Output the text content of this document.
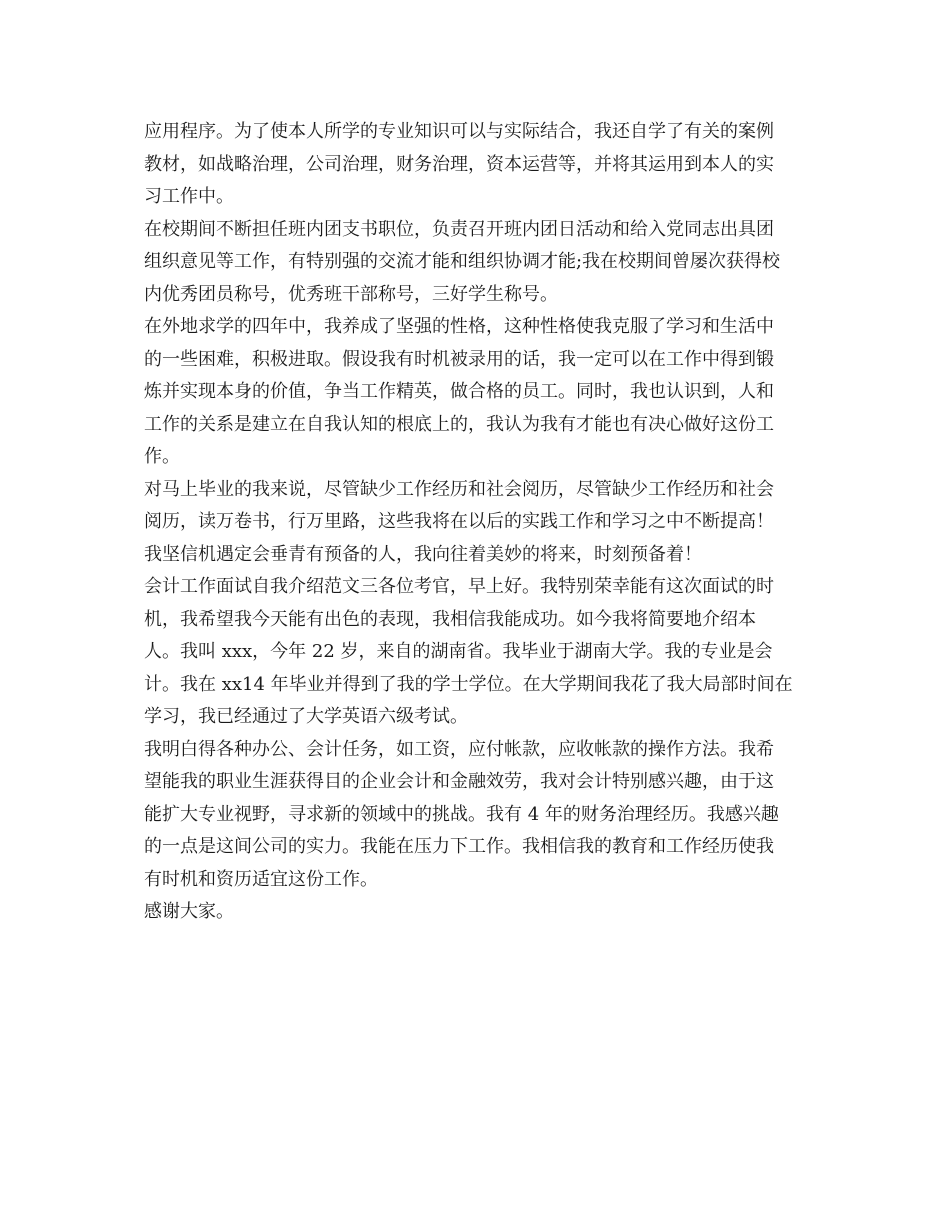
应用程序。为了使本人所学的专业知识可以与实际结合，我还自学了有关的案例
教材，如战略治理，公司治理，财务治理，资本运营等，并将其运用到本人的实
习工作中。
在校期间不断担任班内团支书职位，负责召开班内团日活动和给入党同志出具团
组织意见等工作，有特别强的交流才能和组织协调才能;我在校期间曾屡次获得校
内优秀团员称号，优秀班干部称号，三好学生称号。
在外地求学的四年中，我养成了坚强的性格，这种性格使我克服了学习和生活中
的一些困难，积极进取。假设我有时机被录用的话，我一定可以在工作中得到锻
炼并实现本身的价值，争当工作精英，做合格的员工。同时，我也认识到，人和
工作的关系是建立在自我认知的根底上的，我认为我有才能也有决心做好这份工
作。
对马上毕业的我来说，尽管缺少工作经历和社会阅历，尽管缺少工作经历和社会
阅历，读万卷书，行万里路，这些我将在以后的实践工作和学习之中不断提高！
我坚信机遇定会垂青有预备的人，我向往着美妙的将来，时刻预备着！
会计工作面试自我介绍范文三各位考官，早上好。我特别荣幸能有这次面试的时
机，我希望我今天能有出色的表现，我相信我能成功。如今我将简要地介绍本
人。我叫 xxx，今年 22 岁，来自的湖南省。我毕业于湖南大学。我的专业是会
计。我在 xx14 年毕业并得到了我的学士学位。在大学期间我花了我大局部时间在
学习，我已经通过了大学英语六级考试。
我明白得各种办公、会计任务，如工资，应付帐款，应收帐款的操作方法。我希
望能我的职业生涯获得目的企业会计和金融效劳，我对会计特别感兴趣，由于这
能扩大专业视野，寻求新的领域中的挑战。我有 4 年的财务治理经历。我感兴趣
的一点是这间公司的实力。我能在压力下工作。我相信我的教育和工作经历使我
有时机和资历适宜这份工作。
感谢大家。
